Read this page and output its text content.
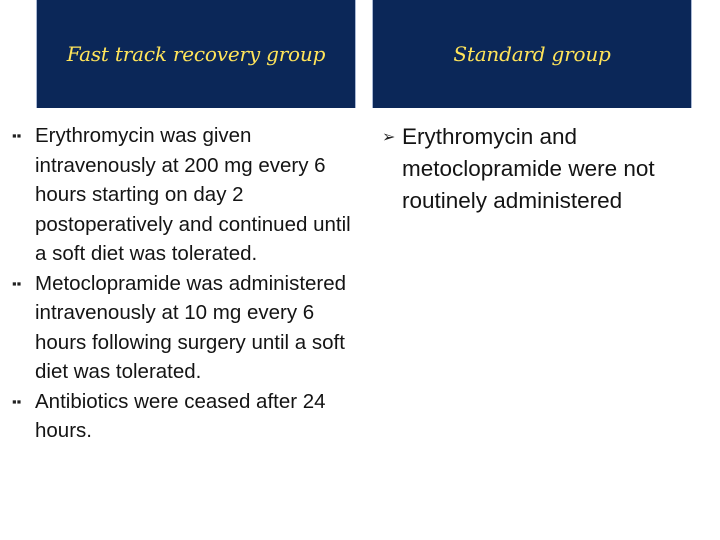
Fast track recovery group	Standard group
▪▪ Erythromycin was given intravenously at 200 mg every 6 hours starting on day 2 postoperatively and continued until a soft diet was tolerated.
▪▪ Metoclopramide was administered intravenously at 10 mg every 6 hours following surgery until a soft diet was tolerated.
▪▪ Antibiotics were ceased after 24 hours.
➢ Erythromycin and metoclopramide were not routinely administered
